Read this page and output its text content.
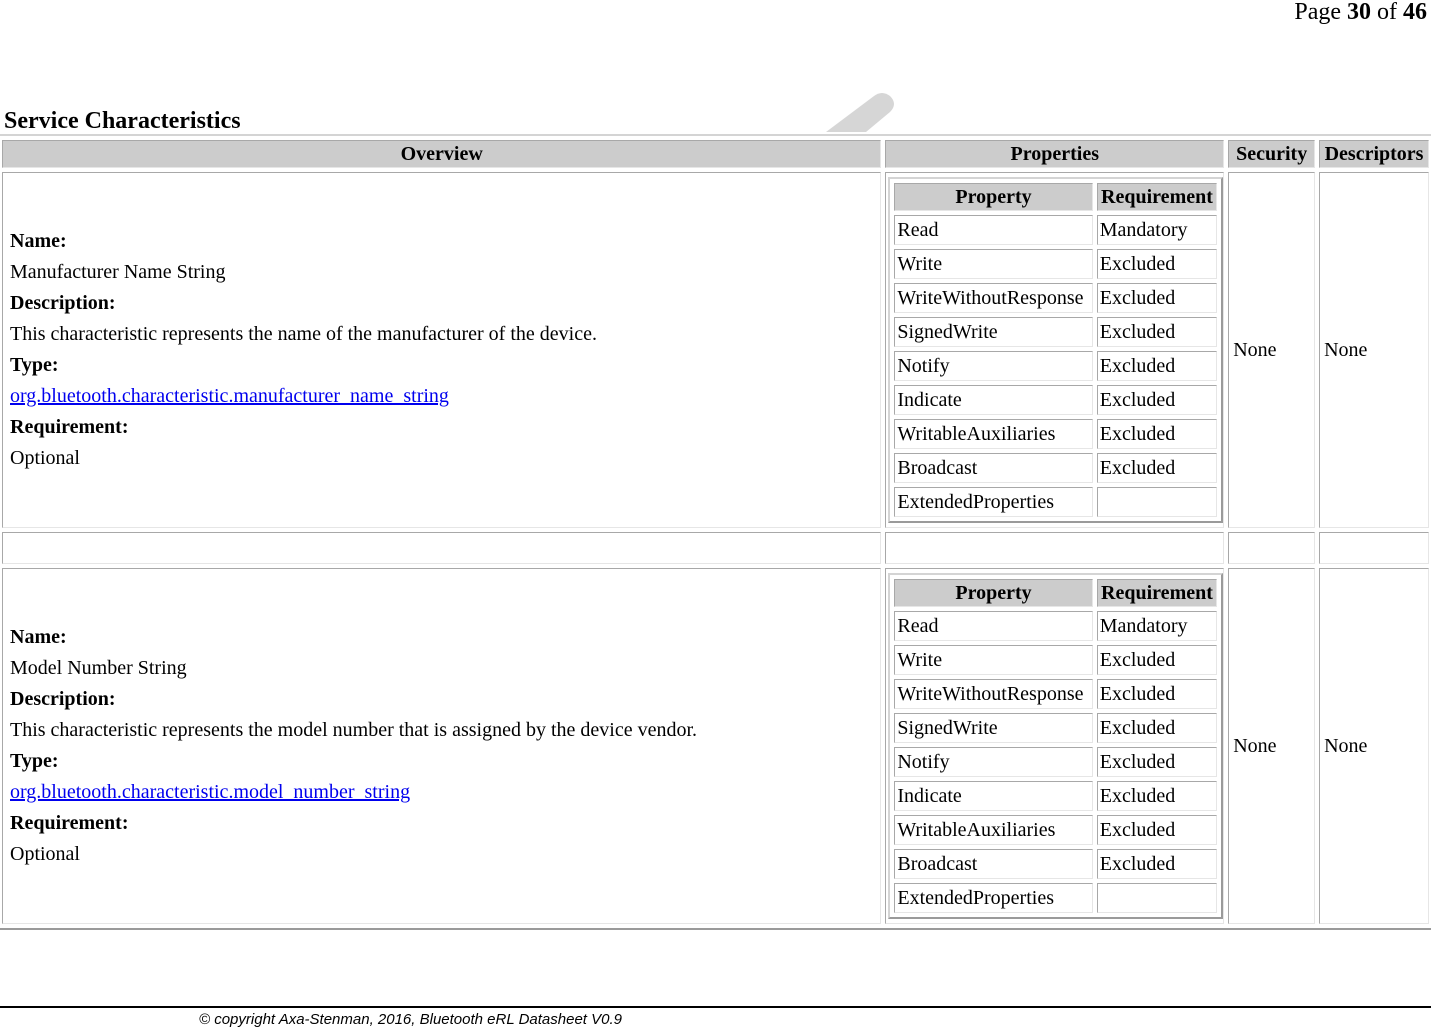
Page 30 of 46
Service Characteristics
Overview	Properties	Security	Descriptors

Name:
Manufacturer Name String
Description:
This characteristic represents the name of the manufacturer of the device.
Type:
org.bluetooth.characteristic.manufacturer_name_string
Requirement:
Optional

Property	Requirement
Read	Mandatory
Write	Excluded
WriteWithoutResponse	Excluded
SignedWrite	Excluded
Notify	Excluded
Indicate	Excluded
WritableAuxiliaries	Excluded
Broadcast	Excluded
ExtendedProperties	
	None	None

Name:
Model Number String
Description:
This characteristic represents the model number that is assigned by the device vendor.
Type:
org.bluetooth.characteristic.model_number_string
Requirement:
Optional

Property	Requirement
Read	Mandatory
Write	Excluded
WriteWithoutResponse	Excluded
SignedWrite	Excluded
Notify	Excluded
Indicate	Excluded
WritableAuxiliaries	Excluded
Broadcast	Excluded
ExtendedProperties	
	None	None
© copyright Axa-Stenman, 2016, Bluetooth eRL Datasheet V0.9
